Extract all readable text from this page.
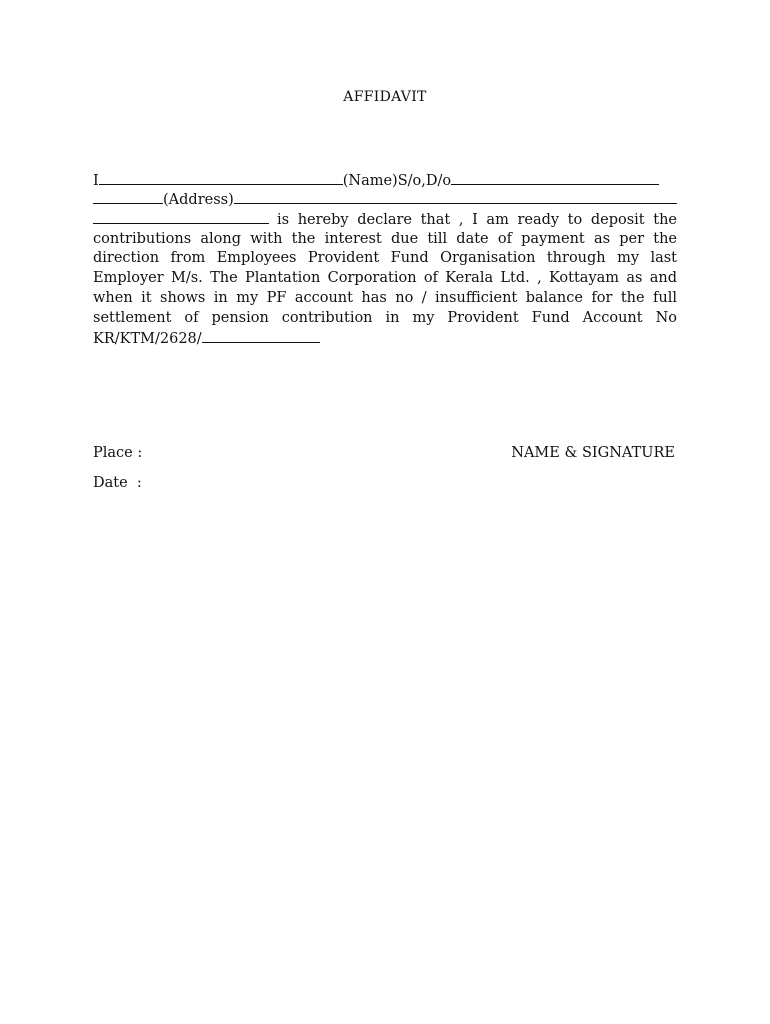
AFFIDAVIT
I	(Name)S/o,D/o
(Address)
is hereby declare that , I am ready to deposit the
contributions along with the interest due till date of payment as per the
direction from Employees Provident Fund Organisation through my last
Employer M/s. The Plantation Corporation of Kerala Ltd. , Kottayam as and
when it shows in my PF account has no / insufficient balance for the full
settlement of pension contribution in my Provident Fund Account No
KR/KTM/2628/
Place :	NAME & SIGNATURE
Date  :
